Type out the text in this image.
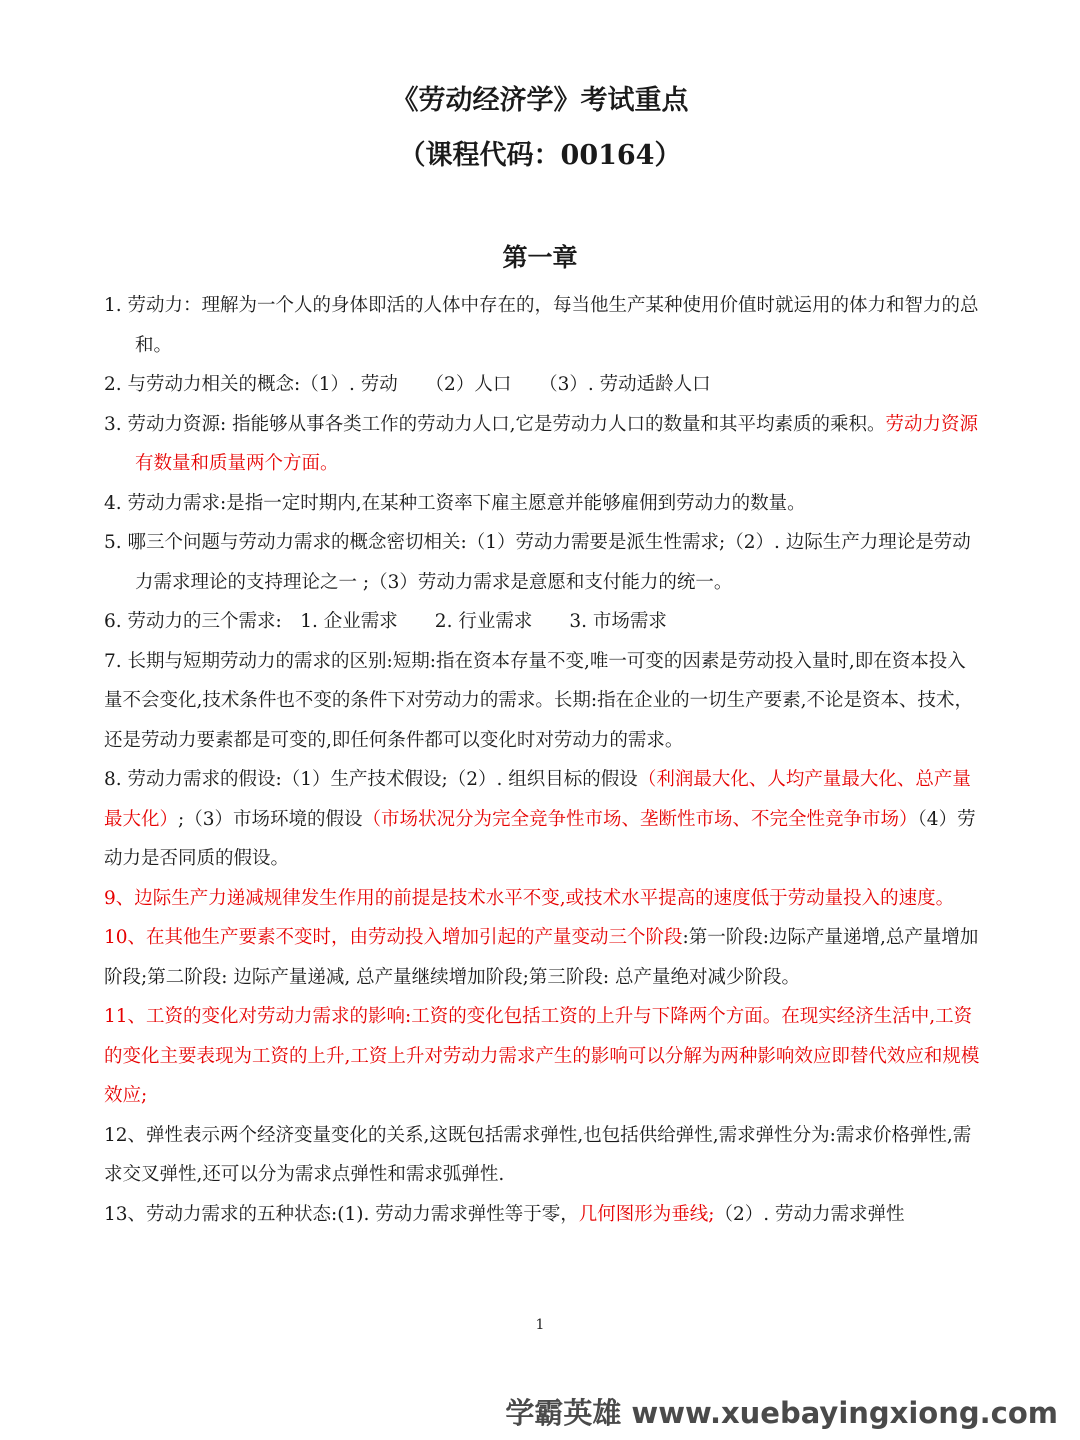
《劳动经济学》考试重点
（课程代码：00164）
第一章

1. 劳动力：理解为一个人的身体即活的人体中存在的，每当他生产某种使用价值时就运用的体力和智力的总和。

2. 与劳动力相关的概念:（1）. 劳动　　（2）人口　　（3）. 劳动适龄人口

3. 劳动力资源: 指能够从事各类工作的劳动力人口,它是劳动力人口的数量和其平均素质的乘积。劳动力资源有数量和质量两个方面。

4. 劳动力需求:是指一定时期内,在某种工资率下雇主愿意并能够雇佣到劳动力的数量。

5. 哪三个问题与劳动力需求的概念密切相关:（1）劳动力需要是派生性需求;（2）. 边际生产力理论是劳动力需求理论的支持理论之一 ;（3）劳动力需求是意愿和支付能力的统一。

6. 劳动力的三个需求:　1. 企业需求　　2. 行业需求　　3. 市场需求

7. 长期与短期劳动力的需求的区别:短期:指在资本存量不变,唯一可变的因素是劳动投入量时,即在资本投入量不会变化,技术条件也不变的条件下对劳动力的需求。长期:指在企业的一切生产要素,不论是资本、技术，还是劳动力要素都是可变的,即任何条件都可以变化时对劳动力的需求。

8. 劳动力需求的假设:（1）生产技术假设;（2）. 组织目标的假设（利润最大化、人均产量最大化、总产量最大化）;（3）市场环境的假设（市场状况分为完全竞争性市场、垄断性市场、不完全性竞争市场）（4）劳动力是否同质的假设。

9、边际生产力递减规律发生作用的前提是技术水平不变,或技术水平提高的速度低于劳动量投入的速度。

10、在其他生产要素不变时，由劳动投入增加引起的产量变动三个阶段:第一阶段:边际产量递增,总产量增加阶段;第二阶段: 边际产量递减, 总产量继续增加阶段;第三阶段: 总产量绝对减少阶段。

11、工资的变化对劳动力需求的影响:工资的变化包括工资的上升与下降两个方面。在现实经济生活中,工资的变化主要表现为工资的上升,工资上升对劳动力需求产生的影响可以分解为两种影响效应即替代效应和规模效应;

12、弹性表示两个经济变量变化的关系,这既包括需求弹性,也包括供给弹性,需求弹性分为:需求价格弹性,需求交叉弹性,还可以分为需求点弹性和需求弧弹性.

13、劳动力需求的五种状态:(1). 劳动力需求弹性等于零，几何图形为垂线;（2）. 劳动力需求弹性

1
学霸英雄 www.xuebayingxiong.com
